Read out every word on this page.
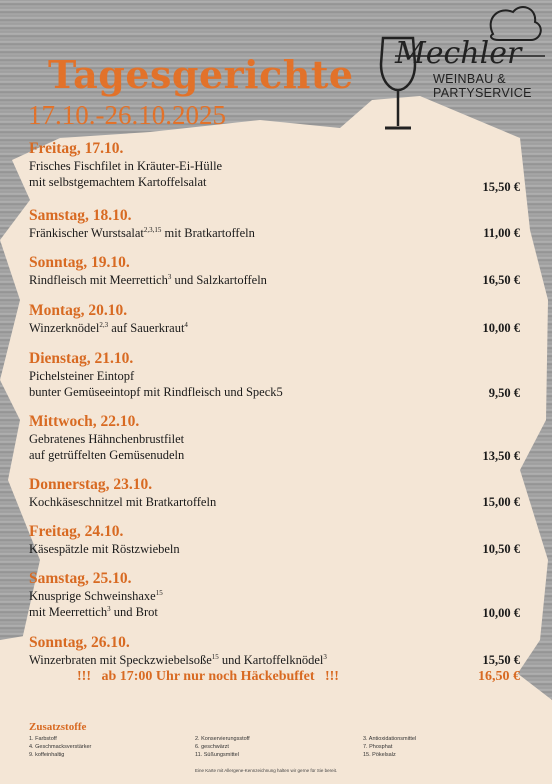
Tagesgerichte
17.10.-26.10.2025
Mechler
WEINBAU &
PARTYSERVICE
Freitag, 17.10.
Frisches Fischfilet in Kräuter-Ei-Hülle
mit selbstgemachtem Kartoffelsalat	15,50 €
Samstag, 18.10.
Fränkischer Wurstsalat$^{2,3,15}$ mit Bratkartoffeln	11,00 €
Sonntag, 19.10.
Rindfleisch mit Meerrettich$^3$ und Salzkartoffeln	16,50 €
Montag, 20.10.
Winzerknödel$^{2,3}$ auf Sauerkraut$^4$	10,00 €
Dienstag, 21.10.
Pichelsteiner Eintopf
bunter Gemüseeintopf mit Rindfleisch und Speck5	9,50 €
Mittwoch, 22.10.
Gebratenes Hähnchenbrustfilet
auf getrüffelten Gemüsenudeln	13,50 €
Donnerstag, 23.10.
Kochkäseschnitzel mit Bratkartoffeln	15,00 €
Freitag, 24.10.
Käsespätzle mit Röstzwiebeln	10,50 €
Samstag, 25.10.
Knusprige Schweinshaxe$^{15}$
mit Meerrettich$^3$ und Brot	10,00 €
Sonntag, 26.10.
Winzerbraten mit Speckzwiebelsoße$^{15}$ und Kartoffelknödel$^3$	15,50 €
!!!   ab 17:00 Uhr nur noch Häckebuffet   !!!	16,50 €
Zusatzstoffe
1. Farbstoff	2. Konservierungsstoff	3. Antioxidationsmittel
4. Geschmacksverstärker	6. geschwärzt	7. Phosphat
9. koffeinhaltig	11. Süßungsmittel	15. Pökelsalz
Eine Karte mit Allergene-Kennzeichnung halten wir gerne für Sie bereit.
